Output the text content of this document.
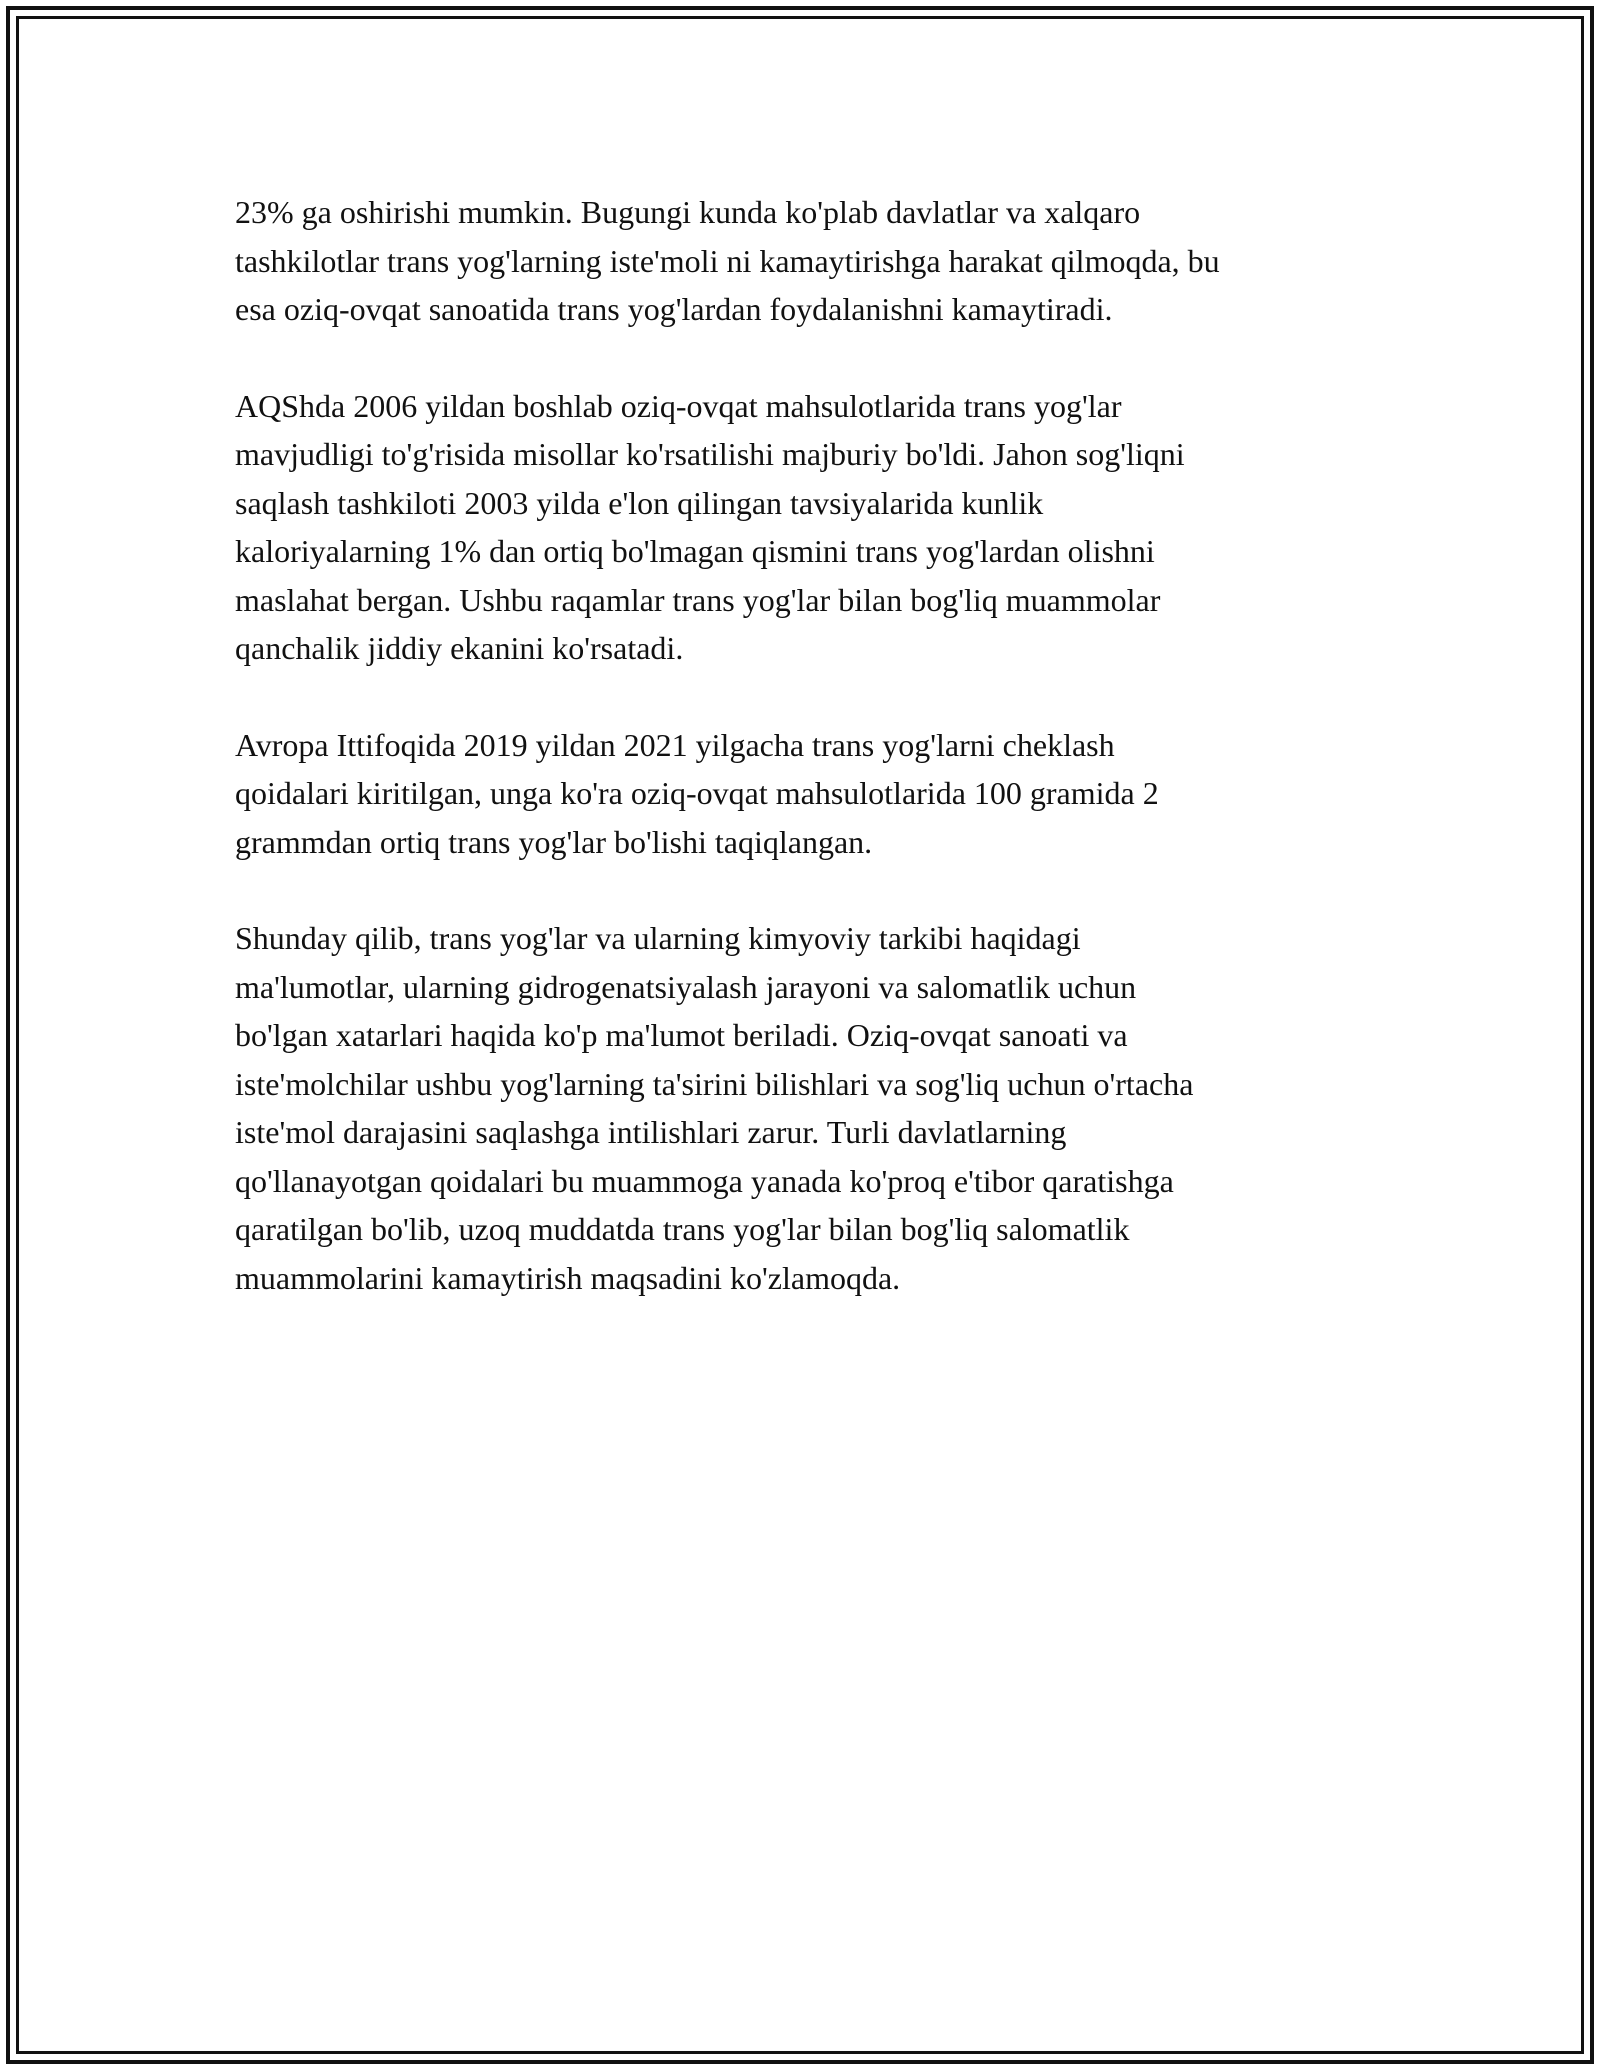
23% ga oshirishi mumkin. Bugungi kunda ko'plab davlatlar va xalqaro
tashkilotlar trans yog'larning iste'moli ni kamaytirishga harakat qilmoqda, bu
esa oziq-ovqat sanoatida trans yog'lardan foydalanishni kamaytiradi.

AQShda 2006 yildan boshlab oziq-ovqat mahsulotlarida trans yog'lar
mavjudligi to'g'risida misollar ko'rsatilishi majburiy bo'ldi. Jahon sog'liqni
saqlash tashkiloti 2003 yilda e'lon qilingan tavsiyalarida kunlik
kaloriyalarning 1% dan ortiq bo'lmagan qismini trans yog'lardan olishni
maslahat bergan. Ushbu raqamlar trans yog'lar bilan bog'liq muammolar
qanchalik jiddiy ekanini ko'rsatadi.

Avropa Ittifoqida 2019 yildan 2021 yilgacha trans yog'larni cheklash
qoidalari kiritilgan, unga ko'ra oziq-ovqat mahsulotlarida 100 gramida 2
grammdan ortiq trans yog'lar bo'lishi taqiqlangan.

Shunday qilib, trans yog'lar va ularning kimyoviy tarkibi haqidagi
ma'lumotlar, ularning gidrogenatsiyalash jarayoni va salomatlik uchun
bo'lgan xatarlari haqida ko'p ma'lumot beriladi. Oziq-ovqat sanoati va
iste'molchilar ushbu yog'larning ta'sirini bilishlari va sog'liq uchun o'rtacha
iste'mol darajasini saqlashga intilishlari zarur. Turli davlatlarning
qo'llanayotgan qoidalari bu muammoga yanada ko'proq e'tibor qaratishga
qaratilgan bo'lib, uzoq muddatda trans yog'lar bilan bog'liq salomatlik
muammolarini kamaytirish maqsadini ko'zlamoqda.
